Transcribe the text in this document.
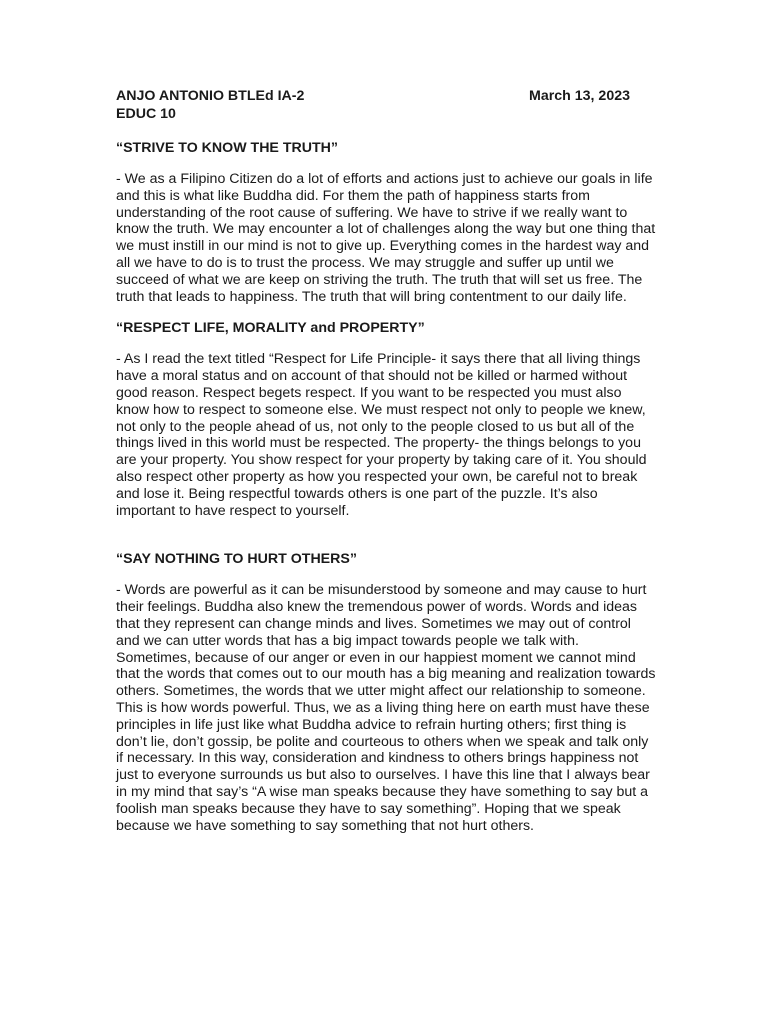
ANJO ANTONIO BTLEd IA-2	March 13, 2023
EDUC 10
“STRIVE TO KNOW THE TRUTH”

- We as a Filipino Citizen do a lot of efforts and actions just to achieve our goals in life and this is what like Buddha did. For them the path of happiness starts from understanding of the root cause of suffering. We have to strive if we really want to know the truth. We may encounter a lot of challenges along the way but one thing that we must instill in our mind is not to give up. Everything comes in the hardest way and all we have to do is to trust the process. We may struggle and suffer up until we succeed of what we are keep on striving the truth. The truth that will set us free. The truth that leads to happiness. The truth that will bring contentment to our daily life.

“RESPECT LIFE, MORALITY and PROPERTY”

- As I read the text titled “Respect for Life Principle- it says there that all living things have a moral status and on account of that should not be killed or harmed without good reason. Respect begets respect. If you want to be respected you must also know how to respect to someone else. We must respect not only to people we knew, not only to the people ahead of us, not only to the people closed to us but all of the things lived in this world must be respected. The property- the things belongs to you are your property. You show respect for your property by taking care of it. You should also respect other property as how you respected your own, be careful not to break and lose it. Being respectful towards others is one part of the puzzle. It’s also important to have respect to yourself.

“SAY NOTHING TO HURT OTHERS”

- Words are powerful as it can be misunderstood by someone and may cause to hurt their feelings. Buddha also knew the tremendous power of words. Words and ideas that they represent can change minds and lives. Sometimes we may out of control and we can utter words that has a big impact towards people we talk with. Sometimes, because of our anger or even in our happiest moment we cannot mind that the words that comes out to our mouth has a big meaning and realization towards others. Sometimes, the words that we utter might affect our relationship to someone. This is how words powerful. Thus, we as a living thing here on earth must have these principles in life just like what Buddha advice to refrain hurting others; first thing is don’t lie, don’t gossip, be polite and courteous to others when we speak and talk only if necessary. In this way, consideration and kindness to others brings happiness not just to everyone surrounds us but also to ourselves. I have this line that I always bear in my mind that say’s “A wise man speaks because they have something to say but a foolish man speaks because they have to say something”. Hoping that we speak because we have something to say something that not hurt others.
